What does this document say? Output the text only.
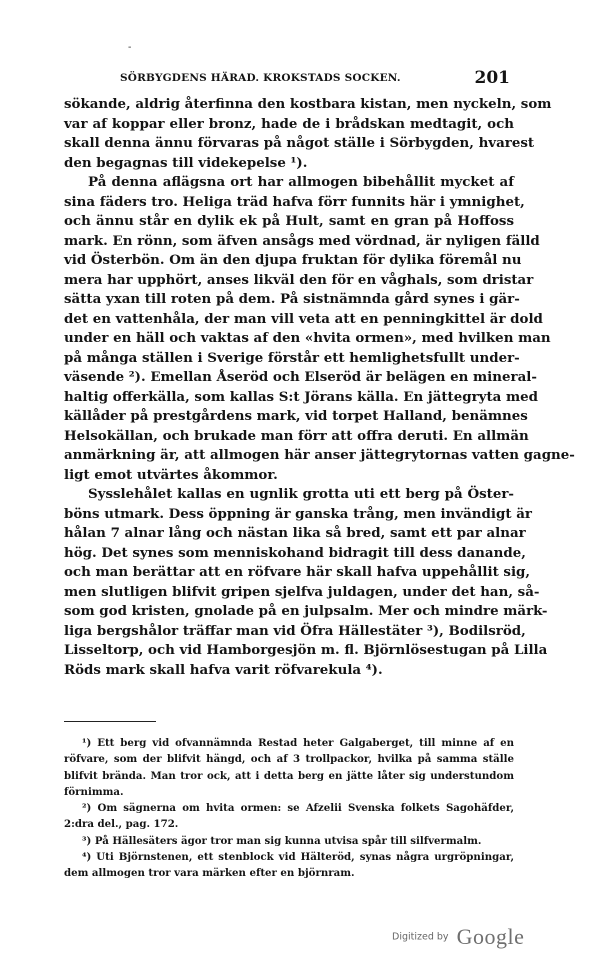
-
SÖRBYGDENS HÄRAD. KROKSTADS SOCKEN.	201
sökande, aldrig återfinna den kostbara kistan, men nyckeln, som
var af koppar eller bronz, hade de i brådskan medtagit, och
skall denna ännu förvaras på något ställe i Sörbygden, hvarest
den begagnas till videkepelse ¹).
På denna aflägsna ort har allmogen bibehållit mycket af
sina fäders tro. Heliga träd hafva förr funnits här i ymnighet,
och ännu står en dylik ek på Hult, samt en gran på Hoffoss
mark. En rönn, som äfven ansågs med vördnad, är nyligen fälld
vid Österbön. Om än den djupa fruktan för dylika föremål nu
mera har upphört, anses likväl den för en våghals, som dristar
sätta yxan till roten på dem. På sistnämnda gård synes i gär-
det en vattenhåla, der man vill veta att en penningkittel är dold
under en häll och vaktas af den «hvita ormen», med hvilken man
på många ställen i Sverige förstår ett hemlighetsfullt under-
väsende ²). Emellan Åseröd och Elseröd är belägen en mineral-
haltig offerkälla, som kallas S:t Jörans källa. En jättegryta med
källåder på prestgårdens mark, vid torpet Halland, benämnes
Helsokällan, och brukade man förr att offra deruti. En allmän
anmärkning är, att allmogen här anser jättegrytornas vatten gagne-
ligt emot utvärtes åkommor.
Sysslehålet kallas en ugnlik grotta uti ett berg på Öster-
böns utmark. Dess öppning är ganska trång, men invändigt är
hålan 7 alnar lång och nästan lika så bred, samt ett par alnar
hög. Det synes som menniskohand bidragit till dess danande,
och man berättar att en röfvare här skall hafva uppehållit sig,
men slutligen blifvit gripen sjelfva juldagen, under det han, så-
som god kristen, gnolade på en julpsalm. Mer och mindre märk-
liga bergshålor träffar man vid Öfra Hällestäter ³), Bodilsröd,
Lisseltorp, och vid Hamborgesjön m. fl. Björnlösestugan på Lilla
Röds mark skall hafva varit röfvarekula ⁴).
¹) Ett berg vid ofvannämnda Restad heter Galgaberget, till minne af en
röfvare, som der blifvit hängd, och af 3 trollpackor, hvilka på samma ställe
blifvit brända. Man tror ock, att i detta berg en jätte låter sig understundom
förnimma.
²) Om sägnerna om hvita ormen: se Afzelii Svenska folkets Sagohäfder,
2:dra del., pag. 172.
³) På Hällesäters ägor tror man sig kunna utvisa spår till silfvermalm.
⁴) Uti Björnstenen, ett stenblock vid Hälteröd, synas några urgröpningar,
dem allmogen tror vara märken efter en björnram.
Digitized by Google
